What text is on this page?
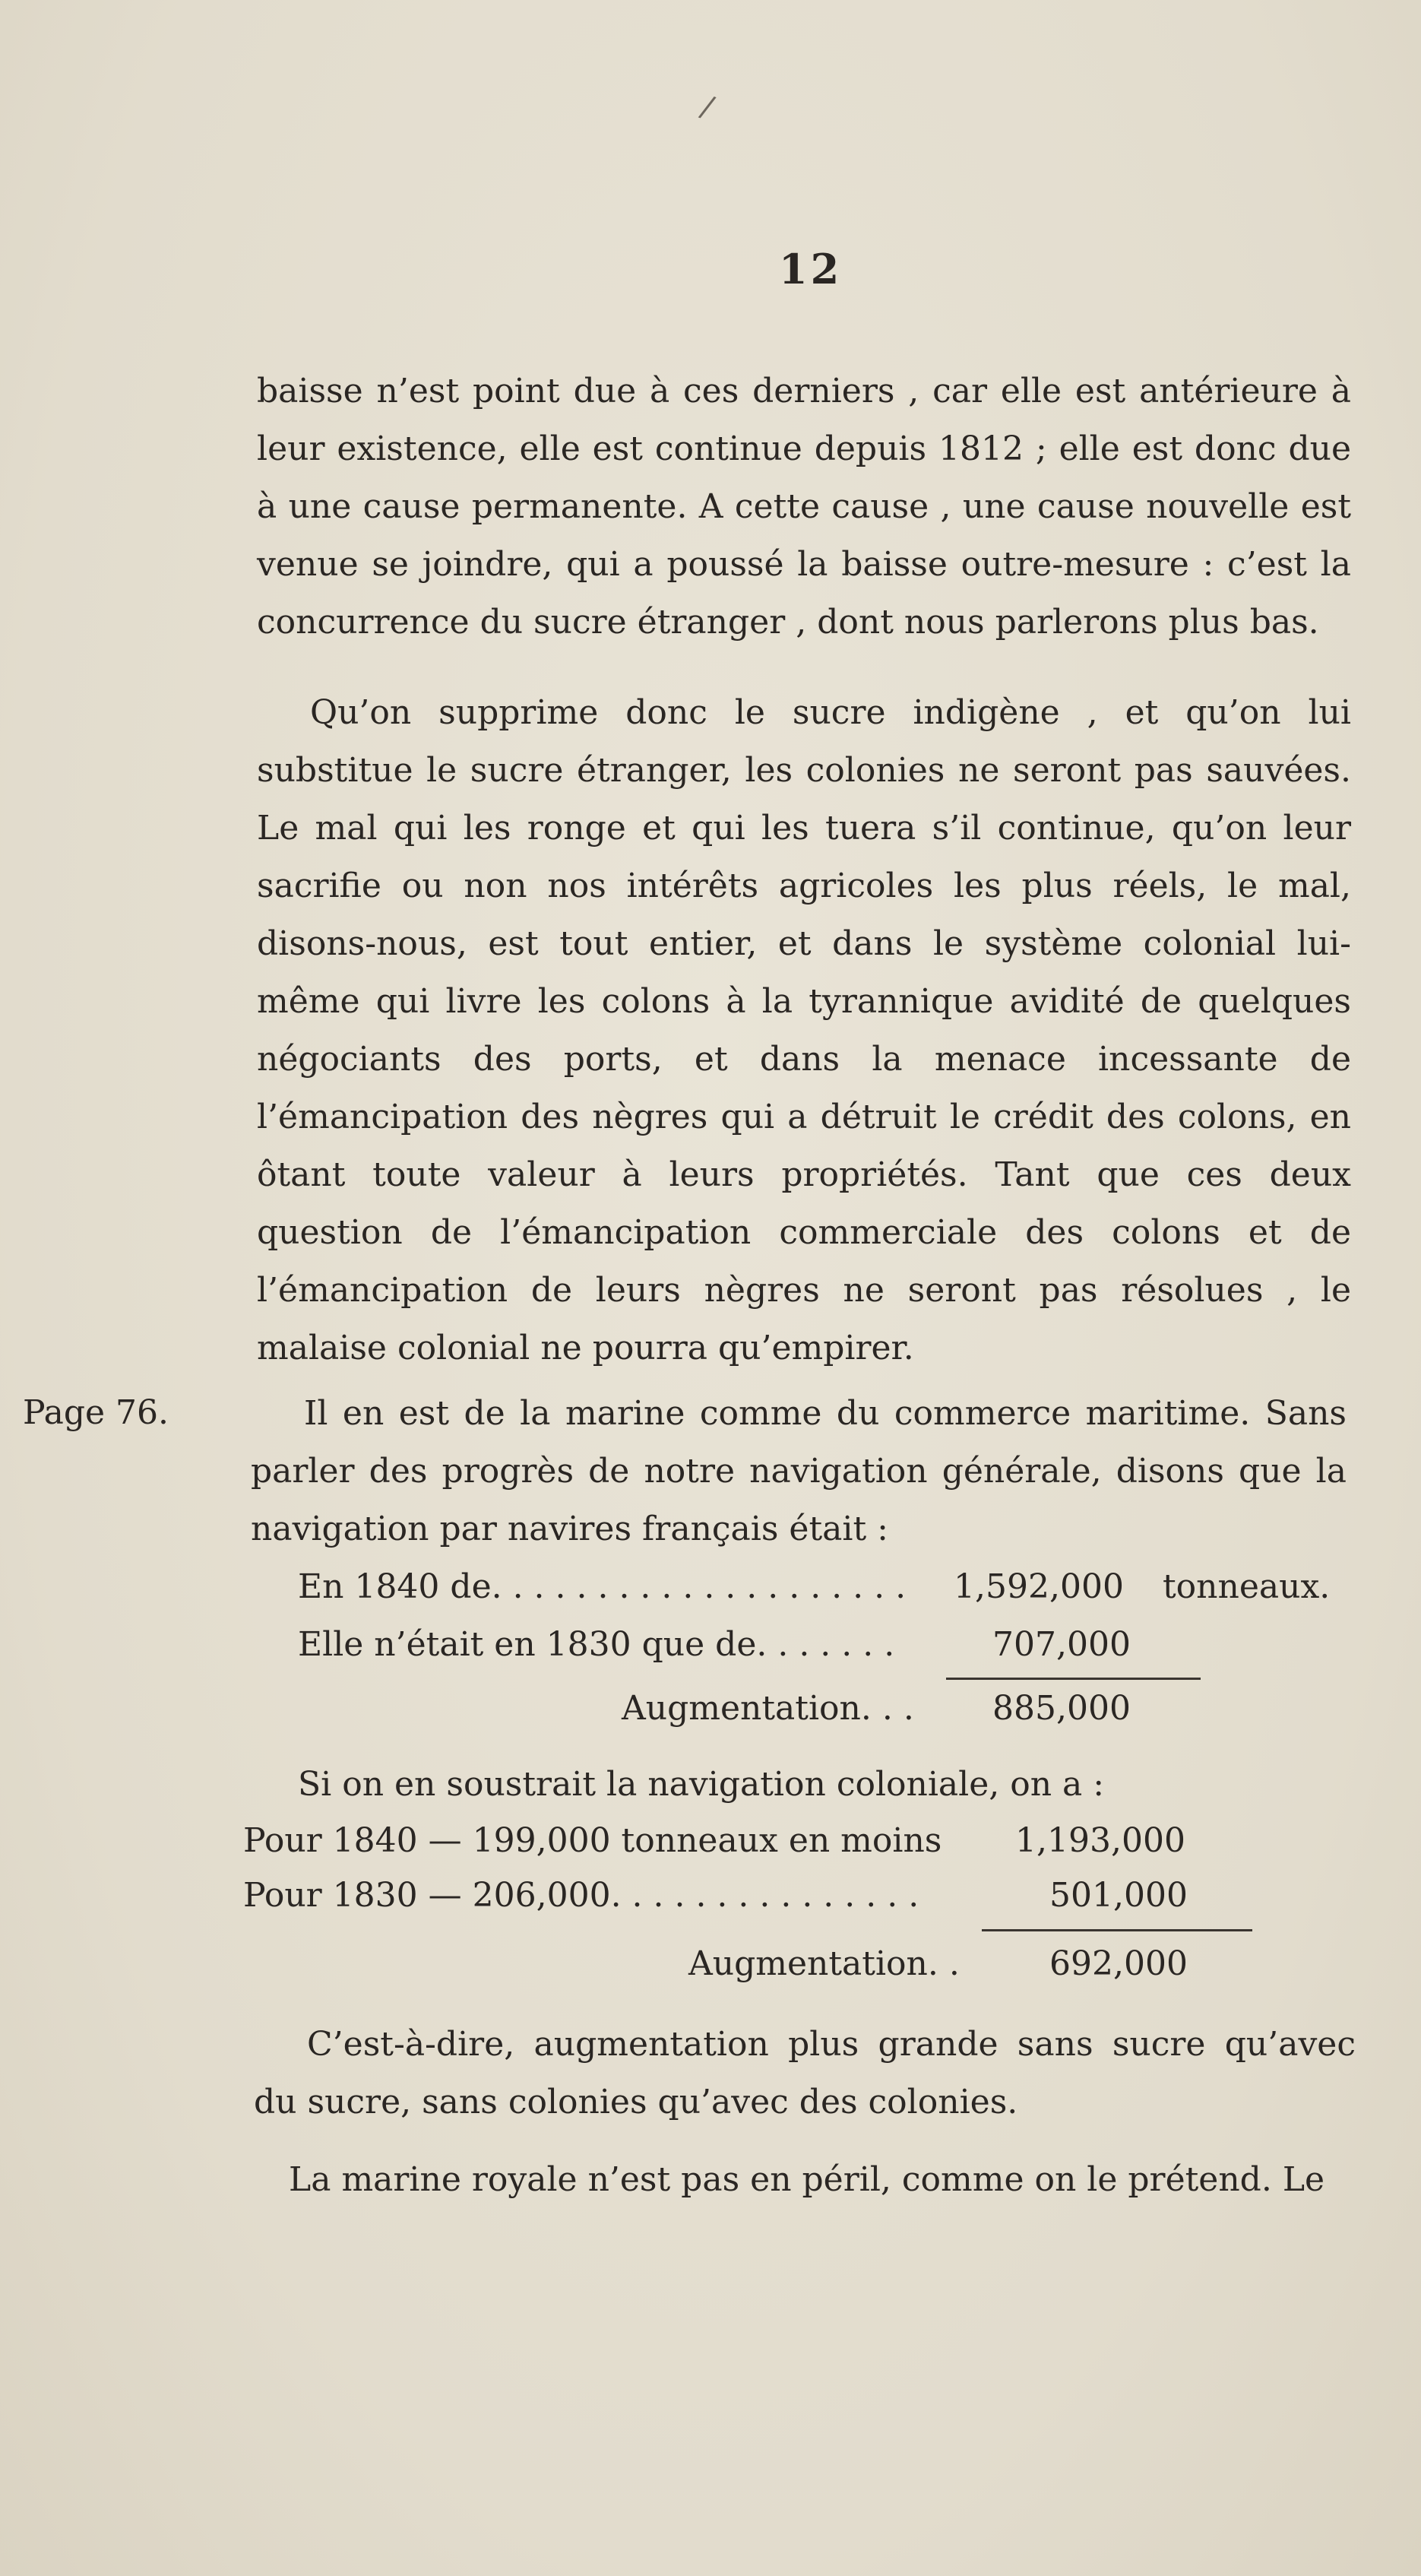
/
12
Page 76.

baisse n’est point due à ces derniers , car elle est antérieure à leur existence, elle est continue depuis 1812 ; elle est donc due à une cause permanente. A cette cause , une cause nouvelle est venue se joindre, qui a poussé la baisse outre-mesure : c’est la concurrence du sucre étranger , dont nous parlerons plus bas.

Qu’on supprime donc le sucre indigène , et qu’on lui substitue le sucre étranger, les colonies ne seront pas sauvées. Le mal qui les ronge et qui les tuera s’il continue, qu’on leur sacrifie ou non nos intérêts agricoles les plus réels, le mal, disons-nous, est tout entier, et dans le système colonial lui-même qui livre les colons à la tyrannique avidité de quelques négociants des ports, et dans la menace incessante de l’émancipation des nègres qui a détruit le crédit des colons, en ôtant toute valeur à leurs propriétés. Tant que ces deux question de l’émancipation commerciale des colons et de l’émancipation de leurs nègres ne seront pas résolues , le malaise colonial ne pourra qu’empirer.

Il en est de la marine comme du commerce maritime. Sans parler des progrès de notre navigation générale, disons que la navigation par navires français était :

En 1840 de. . . . . . . . . . . . . . . . . . . . 1,592,000 tonneaux.
Elle n’était en 1830 que de. . . . . . .	707,000
Augmentation. . . 885,000
Si on en soustrait la navigation coloniale, on a :
Pour 1840 — 199,000 tonneaux en moins 1,193,000
Pour 1830 — 206,000. . . . . . . . . . . . . . .	501,000
Augmentation. .	692,000

C’est-à-dire, augmentation plus grande sans sucre qu’avec du sucre, sans colonies qu’avec des colonies.

La marine royale n’est pas en péril, comme on le prétend. Le
